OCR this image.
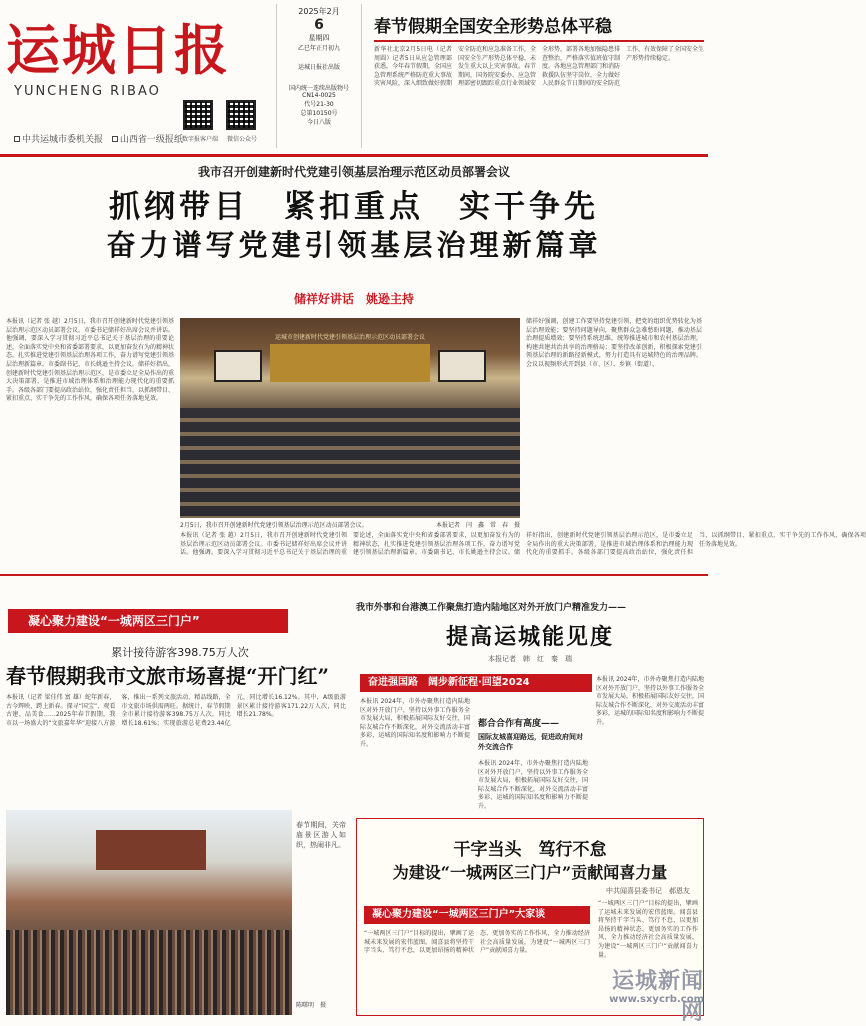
运城日报
YUNCHENG RIBAO
中共运城市委机关报 山西省一级报纸 数字报客户端	微信公众号
2025年2月
6
星期四
乙巳年正月初九
运城日报社出版
国内统一连续出版物号
CN14-0025
代号21-30
总第10150号
今日八版
春节假期全国安全形势总体平稳
新华社北京2月5日电（记者周圆）记者5日从应急管理部获悉，今年春节假期，全国应急管理系统严格防范重大事故灾害风险，深入细致做好假期安全防范和应急准备工作，全国安全生产形势总体平稳，未发生重大以上灾害事故。春节期间，国务院安委办、应急管理部密切跟踪重点行业领域安全形势，部署各地加强隐患排查整治，严格落实值班值守制度。各地应急管理部门和消防救援队伍坚守岗位，全力做好人民群众节日期间的安全防范工作，有效保障了全国安全生产形势持续稳定。
我市召开创建新时代党建引领基层治理示范区动员部署会议
抓纲带目　紧扣重点　实干争先
奋力谱写党建引领基层治理新篇章
储祥好讲话　姚逊主持
本报讯（记者 张 越）2月5日，我市召开创建新时代党建引领基层治理示范区动员部署会议。市委书记储祥好出席会议并讲话。他强调，要深入学习贯彻习近平总书记关于基层治理的重要论述，全面落实党中央和省委部署要求，以更加奋发有为的精神状态，扎实推进党建引领基层治理各项工作，奋力谱写党建引领基层治理新篇章。市委副书记、市长姚逊主持会议。储祥好指出，创建新时代党建引领基层治理示范区，是市委立足全局作出的重大决策部署，是推进市域治理体系和治理能力现代化的重要抓手。各级各部门要提高政治站位，强化责任担当，以抓纲带目、紧扣重点、实干争先的工作作风，确保各项任务落地见效。
运城市创建新时代党建引领基层治理示范区动员部署会议
2月5日，我市召开创建新时代党建引领基层治理示范区动员部署会议。	本报记者　闫　鑫　常　春　摄
本报讯（记者 张 越）2月5日，我市召开创建新时代党建引领基层治理示范区动员部署会议。市委书记储祥好出席会议并讲话。他强调，要深入学习贯彻习近平总书记关于基层治理的重要论述，全面落实党中央和省委部署要求，以更加奋发有为的精神状态，扎实推进党建引领基层治理各项工作，奋力谱写党建引领基层治理新篇章。市委副书记、市长姚逊主持会议。储祥好指出，创建新时代党建引领基层治理示范区，是市委立足全局作出的重大决策部署，是推进市域治理体系和治理能力现代化的重要抓手。各级各部门要提高政治站位，强化责任担当，以抓纲带目、紧扣重点、实干争先的工作作风，确保各项任务落地见效。
储祥好强调，创建工作要坚持党建引领，把党的组织优势转化为基层治理效能；要坚持问题导向，聚焦群众急难愁盼问题，推动基层治理提质增效；要坚持系统思维，统筹推进城市和农村基层治理，构建共建共治共享的治理格局；要坚持改革创新，积极探索党建引领基层治理的新路径新模式，努力打造具有运城特色的治理品牌。会议以视频形式开到县（市、区）、乡镇（街道）。
凝心聚力建设“一城两区三门户”
累计接待游客398.75万人次
春节假期我市文旅市场喜提“开门红”
本报讯（记者 梁佳伟 富 雄）蛇年新春，古今辉映，跨上新春。探寻“国宝”、观看古建、品美食……2025年春节假期，我市以一场盛大的“文旅嘉年华”迎接八方游客，推出一系列文旅活动、精品线路，全市文旅市场供需两旺。据统计，春节假期全市累计接待游客398.75万人次，同比增长18.61%；实现旅游总花费23.44亿元，同比增长16.12%。其中，A级旅游景区累计接待游客171.22万人次，同比增长21.78%。
春节期间，关帝庙景区游人如织，热闹非凡。
陈曙明　摄
我市外事和台港澳工作聚焦打造内陆地区对外开放门户精准发力——
提高运城能见度
本报记者　韩　红　秦　瑞
奋进强国路　阔步新征程·回望2024
本报讯 2024年，市外办聚焦打造内陆地区对外开放门户，坚持以外事工作服务全市发展大局，积极拓展国际友好交往，国际友城合作不断深化，对外交流活动丰富多彩，运城的国际知名度和影响力不断提升。
都合合作有高度——
国际友城喜迎路远，促进政府间对外交流合作
本报讯 2024年，市外办聚焦打造内陆地区对外开放门户，坚持以外事工作服务全市发展大局，积极拓展国际友好交往，国际友城合作不断深化，对外交流活动丰富多彩，运城的国际知名度和影响力不断提升。
本报讯 2024年，市外办聚焦打造内陆地区对外开放门户，坚持以外事工作服务全市发展大局，积极拓展国际友好交往，国际友城合作不断深化，对外交流活动丰富多彩，运城的国际知名度和影响力不断提升。
干字当头　笃行不怠
为建设“一城两区三门户”贡献闻喜力量
中共闻喜县委书记　郝恩友
凝心聚力建设“一城两区三门户”大家谈
“一城两区三门户”目标的提出，擘画了运城未来发展的宏伟蓝图。闻喜县将坚持干字当头、笃行不怠，以更加昂扬的精神状态、更加务实的工作作风，全力推动经济社会高质量发展，为建设“一城两区三门户”贡献闻喜力量。
“一城两区三门户”目标的提出，擘画了运城未来发展的宏伟蓝图。闻喜县将坚持干字当头、笃行不怠，以更加昂扬的精神状态、更加务实的工作作风，全力推动经济社会高质量发展，为建设“一城两区三门户”贡献闻喜力量。
运城新闻网
www.sxycrb.com
